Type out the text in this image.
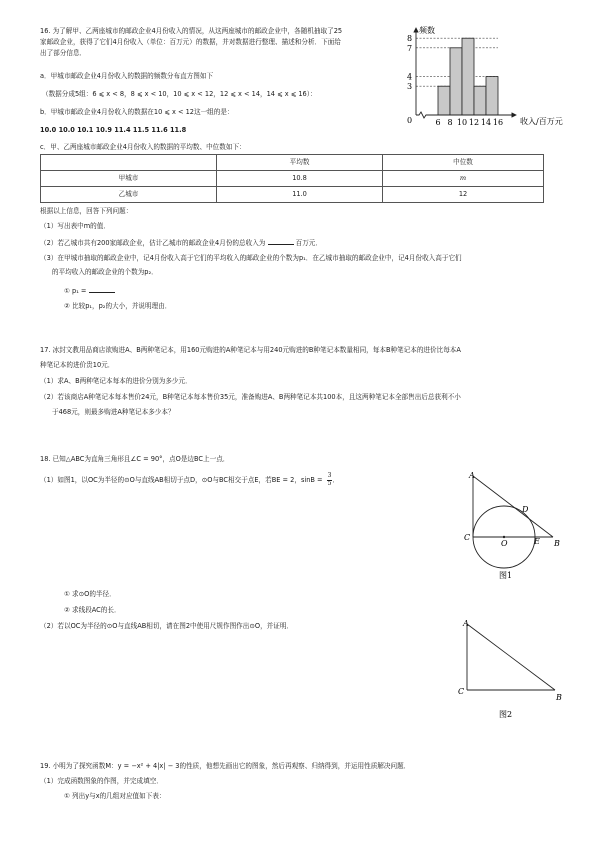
16. 为了解甲、乙两座城市的邮政企业4月份收入的情况，从这两座城市的邮政企业中，各随机抽取了25
家邮政企业，获得了它们4月份收入（单位：百万元）的数据，并对数据进行整理、描述和分析．下面给
出了部分信息．
a．甲城市邮政企业4月份收入的数据的频数分布直方图如下
（数据分成5组：6 ⩽ x < 8，8 ⩽ x < 10，10 ⩽ x < 12，12 ⩽ x < 14，14 ⩽ x ⩽ 16）：
b．甲城市邮政企业4月份收入的数据在10 ⩽ x < 12这一组的是：
10.0 10.0 10.1 10.9 11.4 11.5 11.6 11.8
c．甲、乙两座城市邮政企业4月份收入的数据的平均数、中位数如下：
3
4
7
8
6 8 10 12 14 16
频数
收入/百万元
0
	平均数	中位数
甲城市	10.8	m
乙城市	11.0	12
根据以上信息，回答下列问题：
（1）写出表中m的值．
（2）若乙城市共有200家邮政企业，估计乙城市的邮政企业4月份的总收入为	百万元．
（3）在甲城市抽取的邮政企业中，记4月份收入高于它们的平均收入的邮政企业的个数为p₁．在乙城市抽取的邮政企业中，记4月份收入高于它们
的平均收入的邮政企业的个数为p₂．
① p₁ =
② 比较p₁，p₂的大小，并说明理由．
17. 冰封文教用品商店欲购进A、B两种笔记本，用160元购进的A种笔记本与用240元购进的B种笔记本数量相同，每本B种笔记本的进价比每本A
种笔记本的进价贵10元．
（1）求A、B两种笔记本每本的进价分别为多少元．
（2）若该商店A种笔记本每本售价24元，B种笔记本每本售价35元，准备购进A、B两种笔记本共100本，且这两种笔记本全部售出后总获利不小
于468元，则最多购进A种笔记本多少本？
18. 已知△ABC为直角三角形且∠C = 90°，点O是边BC上一点．
（1）如图1，以OC为半径的⊙O与直线AB相切于点D，⊙O与BC相交于点E，若BE = 2，$\sin B = \frac{3}{5}$ ．
A
C
O	E B
D
图1
① 求⊙O的半径．
② 求线段AC的长．
（2）若以OC为半径的⊙O与直线AB相切，请在图2中使用尺规作图作出⊙O，并证明．	A
C
B
图2
19. 小明为了探究函数M：y = −x² + 4|x| − 3的性质，他想先画出它的图象，然后再观察、归纳得到，并运用性质解决问题．
（1）完成函数图象的作图，并完成填空．
① 列出y与x的几组对应值如下表：
